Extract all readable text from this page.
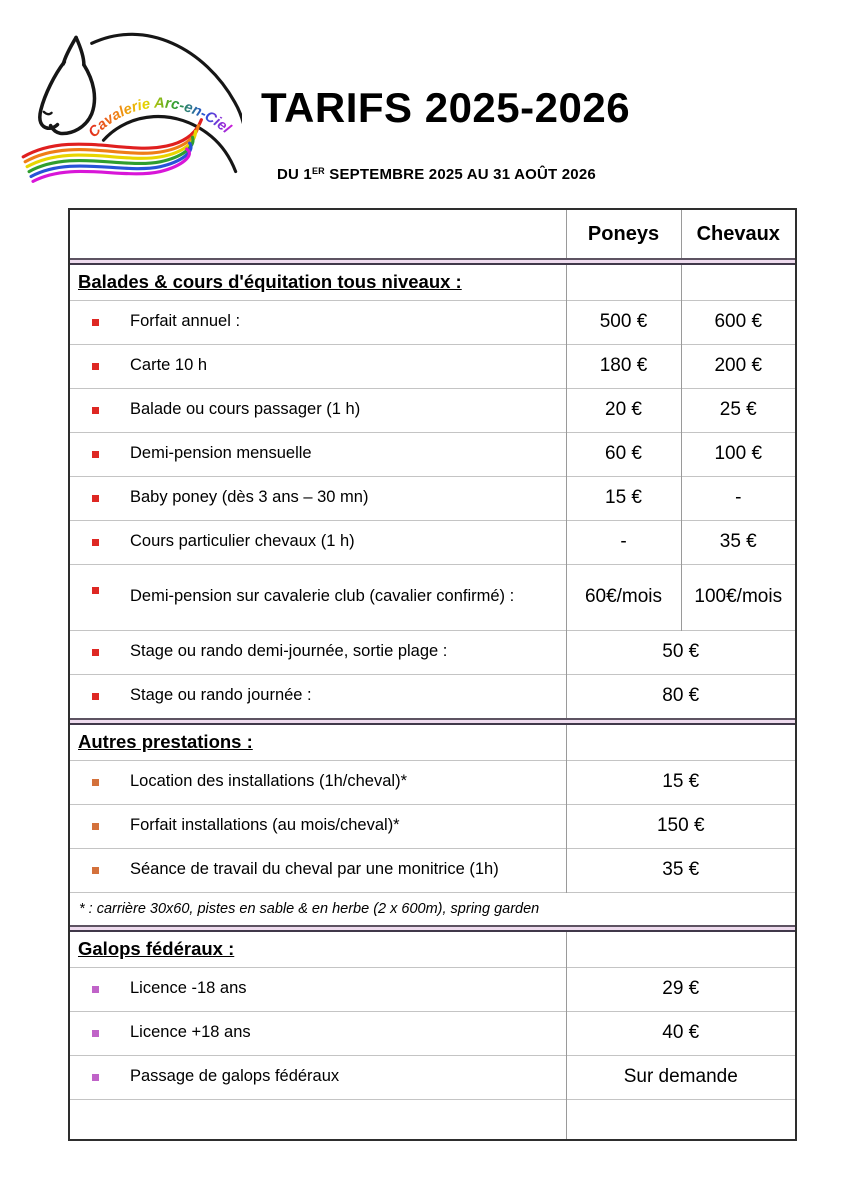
Cavalerie Arc-en-Ciel TARIFS 2025-2026
DU 1ER SEPTEMBRE 2025 AU 31 AOÛT 2026
	Poneys	Chevaux

Balades & cours d'équitation tous niveaux :		

Forfait annuel :	500 €	600 €

Carte 10 h	180 €	200 €

Balade ou cours passager (1 h)	20 €	25 €

Demi-pension mensuelle	60 €	100 €

Baby poney (dès 3 ans – 30 mn)	15 €	-

Cours particulier chevaux (1 h)	-	35 €

Demi-pension sur cavalerie club (cavalier confirmé) :	60€/mois	100€/mois

Stage ou rando demi-journée, sortie plage :	50 €	

Stage ou rando journée :	80 €	

Autres prestations :		

Location des installations (1h/cheval)*	15 €	

Forfait installations (au mois/cheval)*	150 €	

Séance de travail du cheval par une monitrice (1h)	35 €	
* : carrière 30x60, pistes en sable & en herbe (2 x 600m), spring garden		

Galops fédéraux :		

Licence -18 ans	29 €	

Licence +18 ans	40 €	

Passage de galops fédéraux	Sur demande	
